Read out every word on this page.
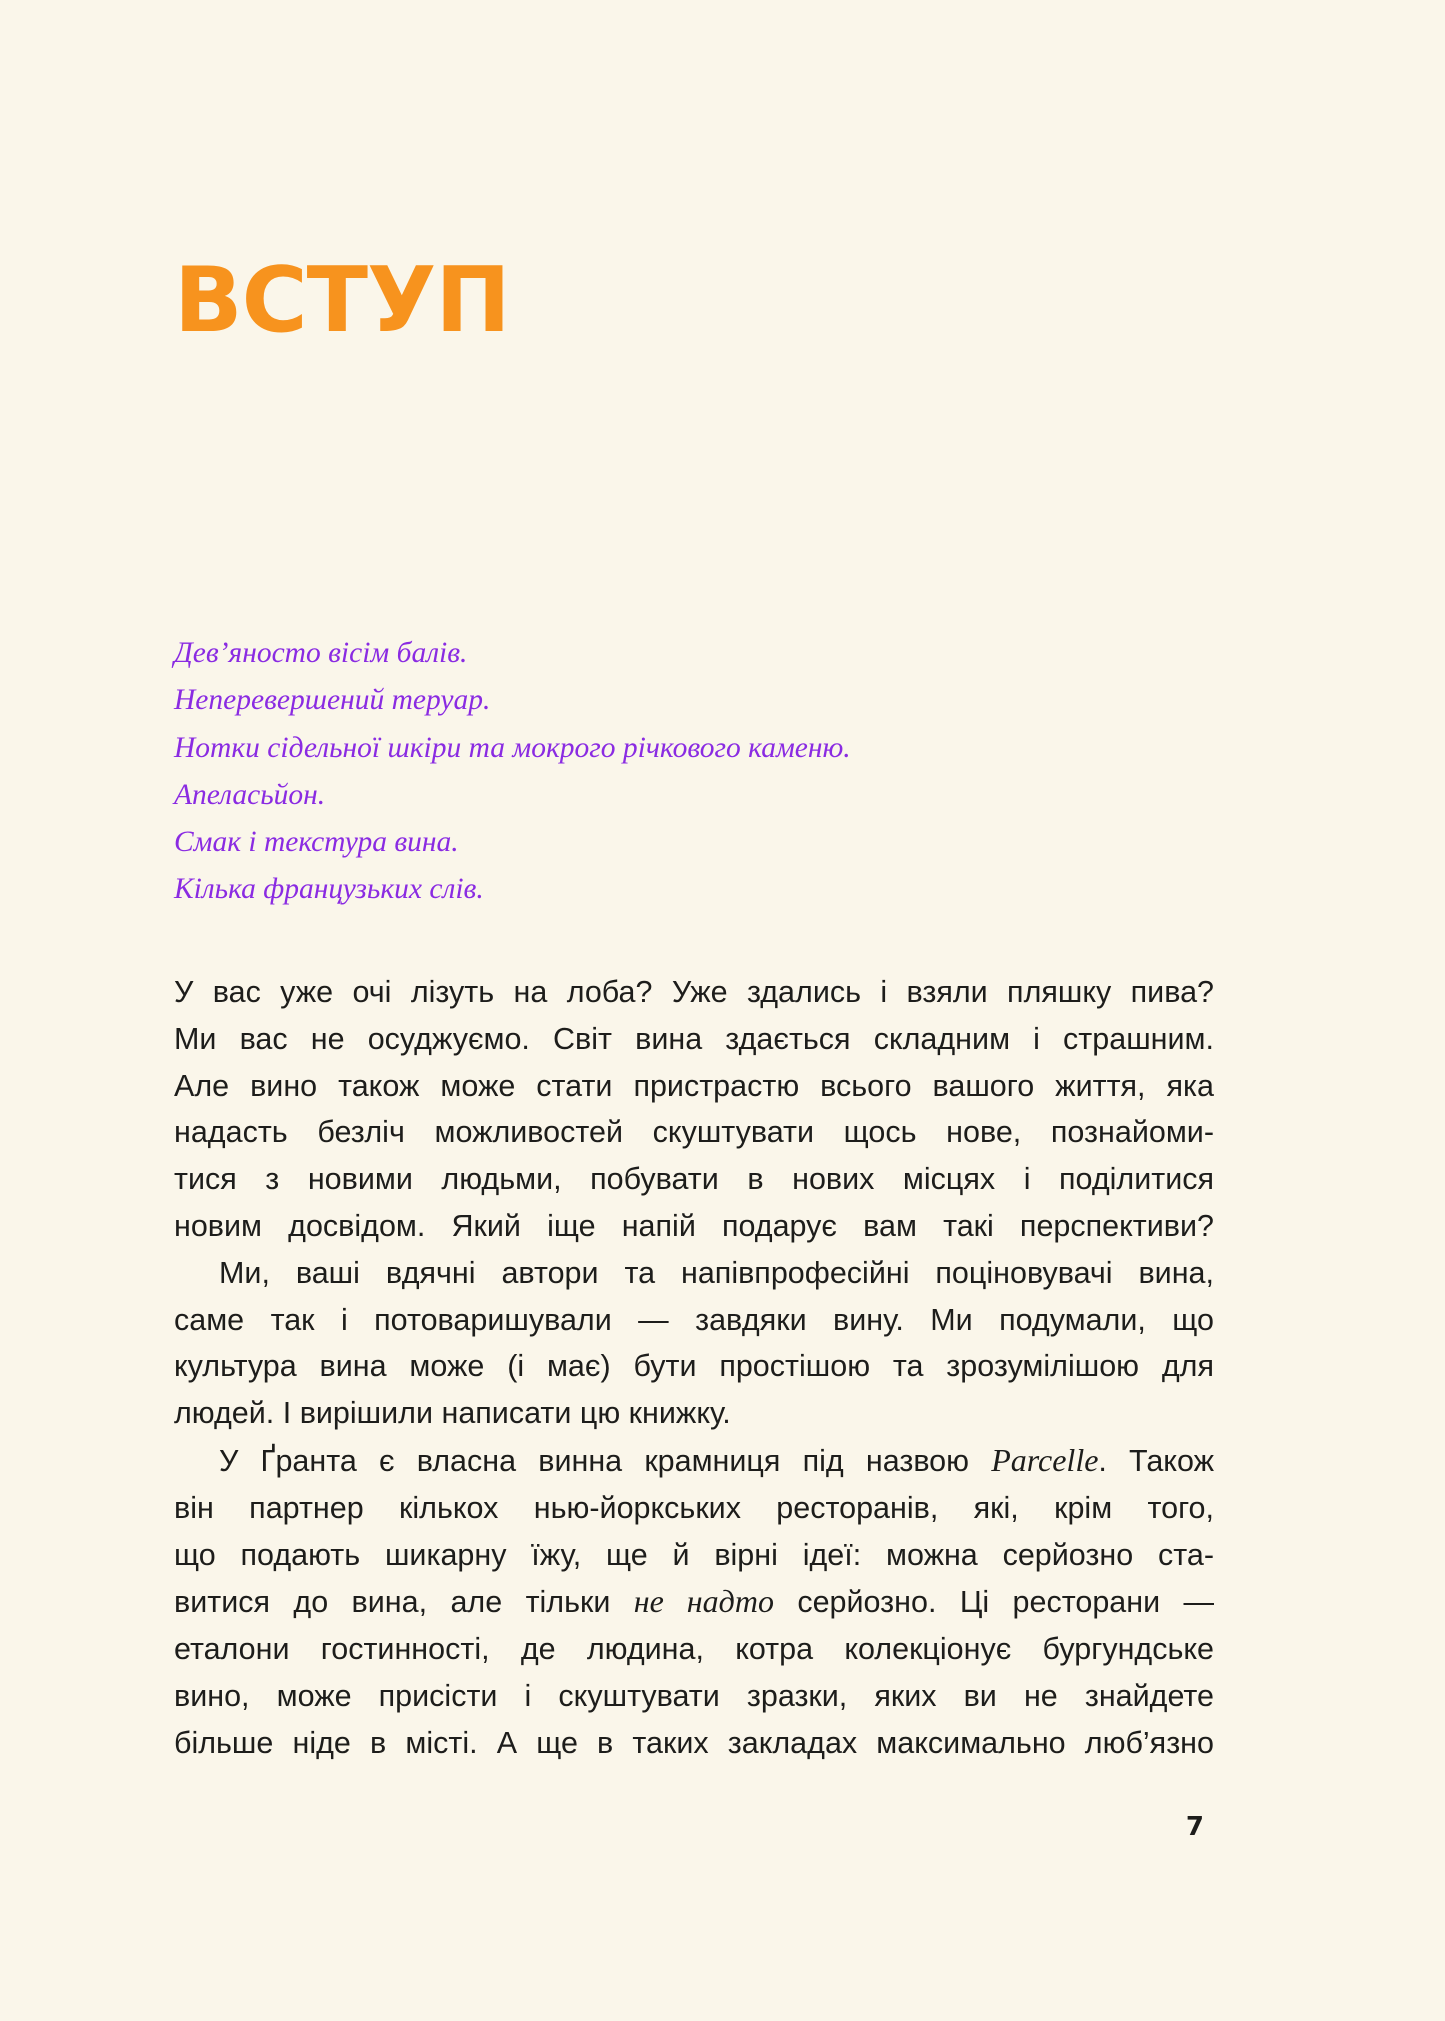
ВСТУП
Дев’яносто вісім балів.
Неперевершений теруар.
Нотки сідельної шкіри та мокрого річкового каменю.
Апеласьйон.
Смак і текстура вина.
Кілька французьких слів.
У вас уже очі лізуть на лоба? Уже здались і взяли пляшку пива?
Ми вас не осуджуємо. Світ вина здається складним і страшним.
Але вино також може стати пристрастю всього вашого життя, яка
надасть безліч можливостей скуштувати щось нове, познайоми-
тися з новими людьми, побувати в нових місцях і поділитися
новим досвідом. Який іще напій подарує вам такі перспективи?
Ми, ваші вдячні автори та напівпрофесійні поціновувачі вина,
саме так і потоваришували — завдяки вину. Ми подумали, що
культура вина може (і має) бути простішою та зрозумілішою для
людей. І вирішили написати цю книжку.
У Ґранта є власна винна крамниця під назвою Parcelle. Також
він партнер кількох нью-йоркських ресторанів, які, крім того,
що подають шикарну їжу, ще й вірні ідеї: можна серйозно ста-
витися до вина, але тільки не надто серйозно. Ці ресторани —
еталони гостинності, де людина, котра колекціонує бургундське
вино, може присісти і скуштувати зразки, яких ви не знайдете
більше ніде в місті. А ще в таких закладах максимально люб’язно
7
